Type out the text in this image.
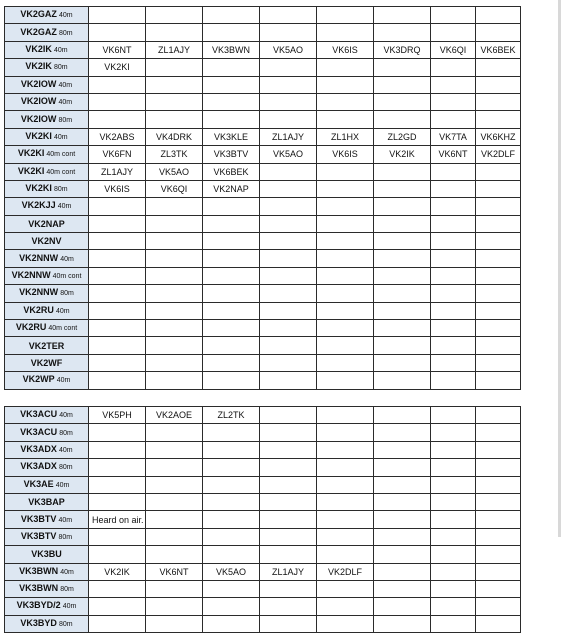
VK2GAZ 40m								
VK2GAZ 80m								
VK2IK 40m	VK6NT	ZL1AJY	VK3BWN	VK5AO	VK6IS	VK3DRQ	VK6QI	VK6BEK
VK2IK 80m	VK2KI							
VK2IOW 40m								
VK2IOW 40m								
VK2IOW 80m								
VK2KI 40m	VK2ABS	VK4DRK	VK3KLE	ZL1AJY	ZL1HX	ZL2GD	VK7TA	VK6KHZ
VK2KI 40m cont	VK6FN	ZL3TK	VK3BTV	VK5AO	VK6IS	VK2IK	VK6NT	VK2DLF
VK2KI 40m cont	ZL1AJY	VK5AO	VK6BEK					
VK2KI 80m	VK6IS	VK6QI	VK2NAP					
VK2KJJ 40m								
VK2NAP								
VK2NV								
VK2NNW 40m								
VK2NNW 40m cont								
VK2NNW 80m								
VK2RU 40m								
VK2RU 40m cont								
VK2TER								
VK2WF								
VK2WP 40m								

VK3ACU 40m	VK5PH	VK2AOE	ZL2TK					
VK3ACU 80m								
VK3ADX 40m								
VK3ADX 80m								
VK3AE 40m								
VK3BAP								
VK3BTV 40m	Heard on air.							
VK3BTV 80m								
VK3BU								
VK3BWN 40m	VK2IK	VK6NT	VK5AO	ZL1AJY	VK2DLF			
VK3BWN 80m								
VK3BYD/2 40m								
VK3BYD 80m								
